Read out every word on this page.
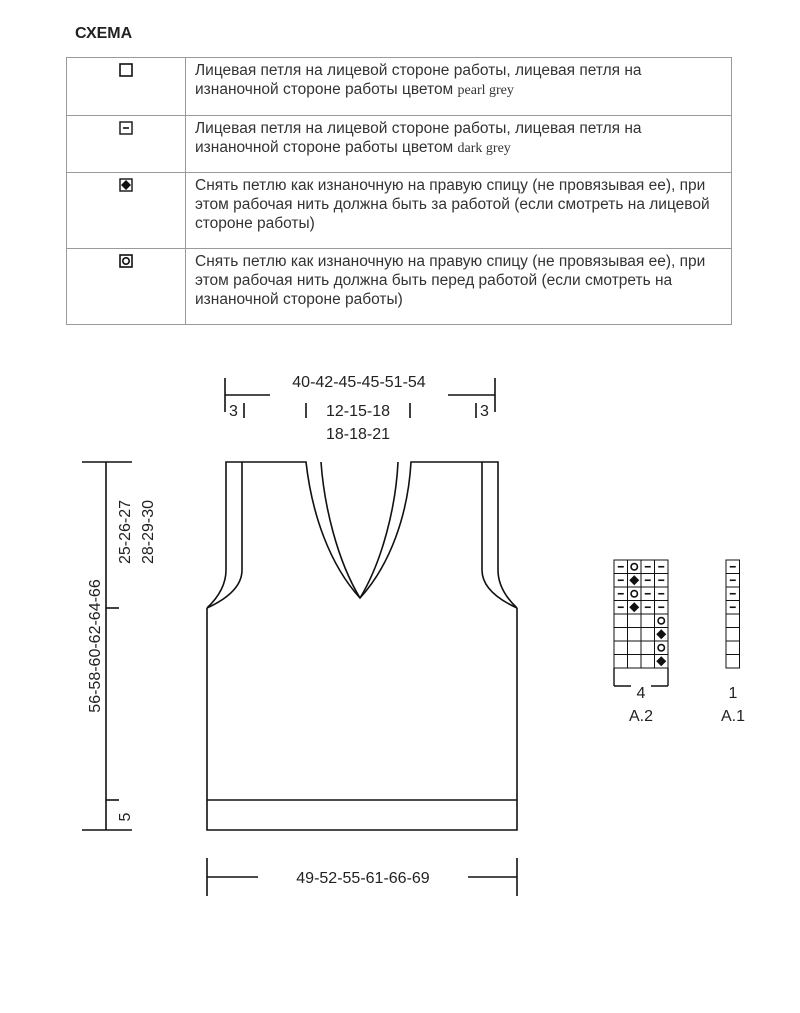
СХЕМА
	Лицевая петля на лицевой стороне работы, лицевая петля на изнаночной стороне работы цветом pearl grey
	Лицевая петля на лицевой стороне работы, лицевая петля на изнаночной стороне работы цветом dark grey
	Снять петлю как изнаночную на правую спицу (не провязывая ее), при этом рабочая нить должна быть за работой (если смотреть на лицевой стороне работы)
	Снять петлю как изнаночную на правую спицу (не провязывая ее), при этом рабочая нить должна быть перед работой (если смотреть на изнаночной стороне работы)
40-42-45-45-51-54
3	3
12-15-18
18-18-21
56-58-60-62-64-66
25-26-27 28-29-30
5
49-52-55-61-66-69
4
A.2
1
A.1
